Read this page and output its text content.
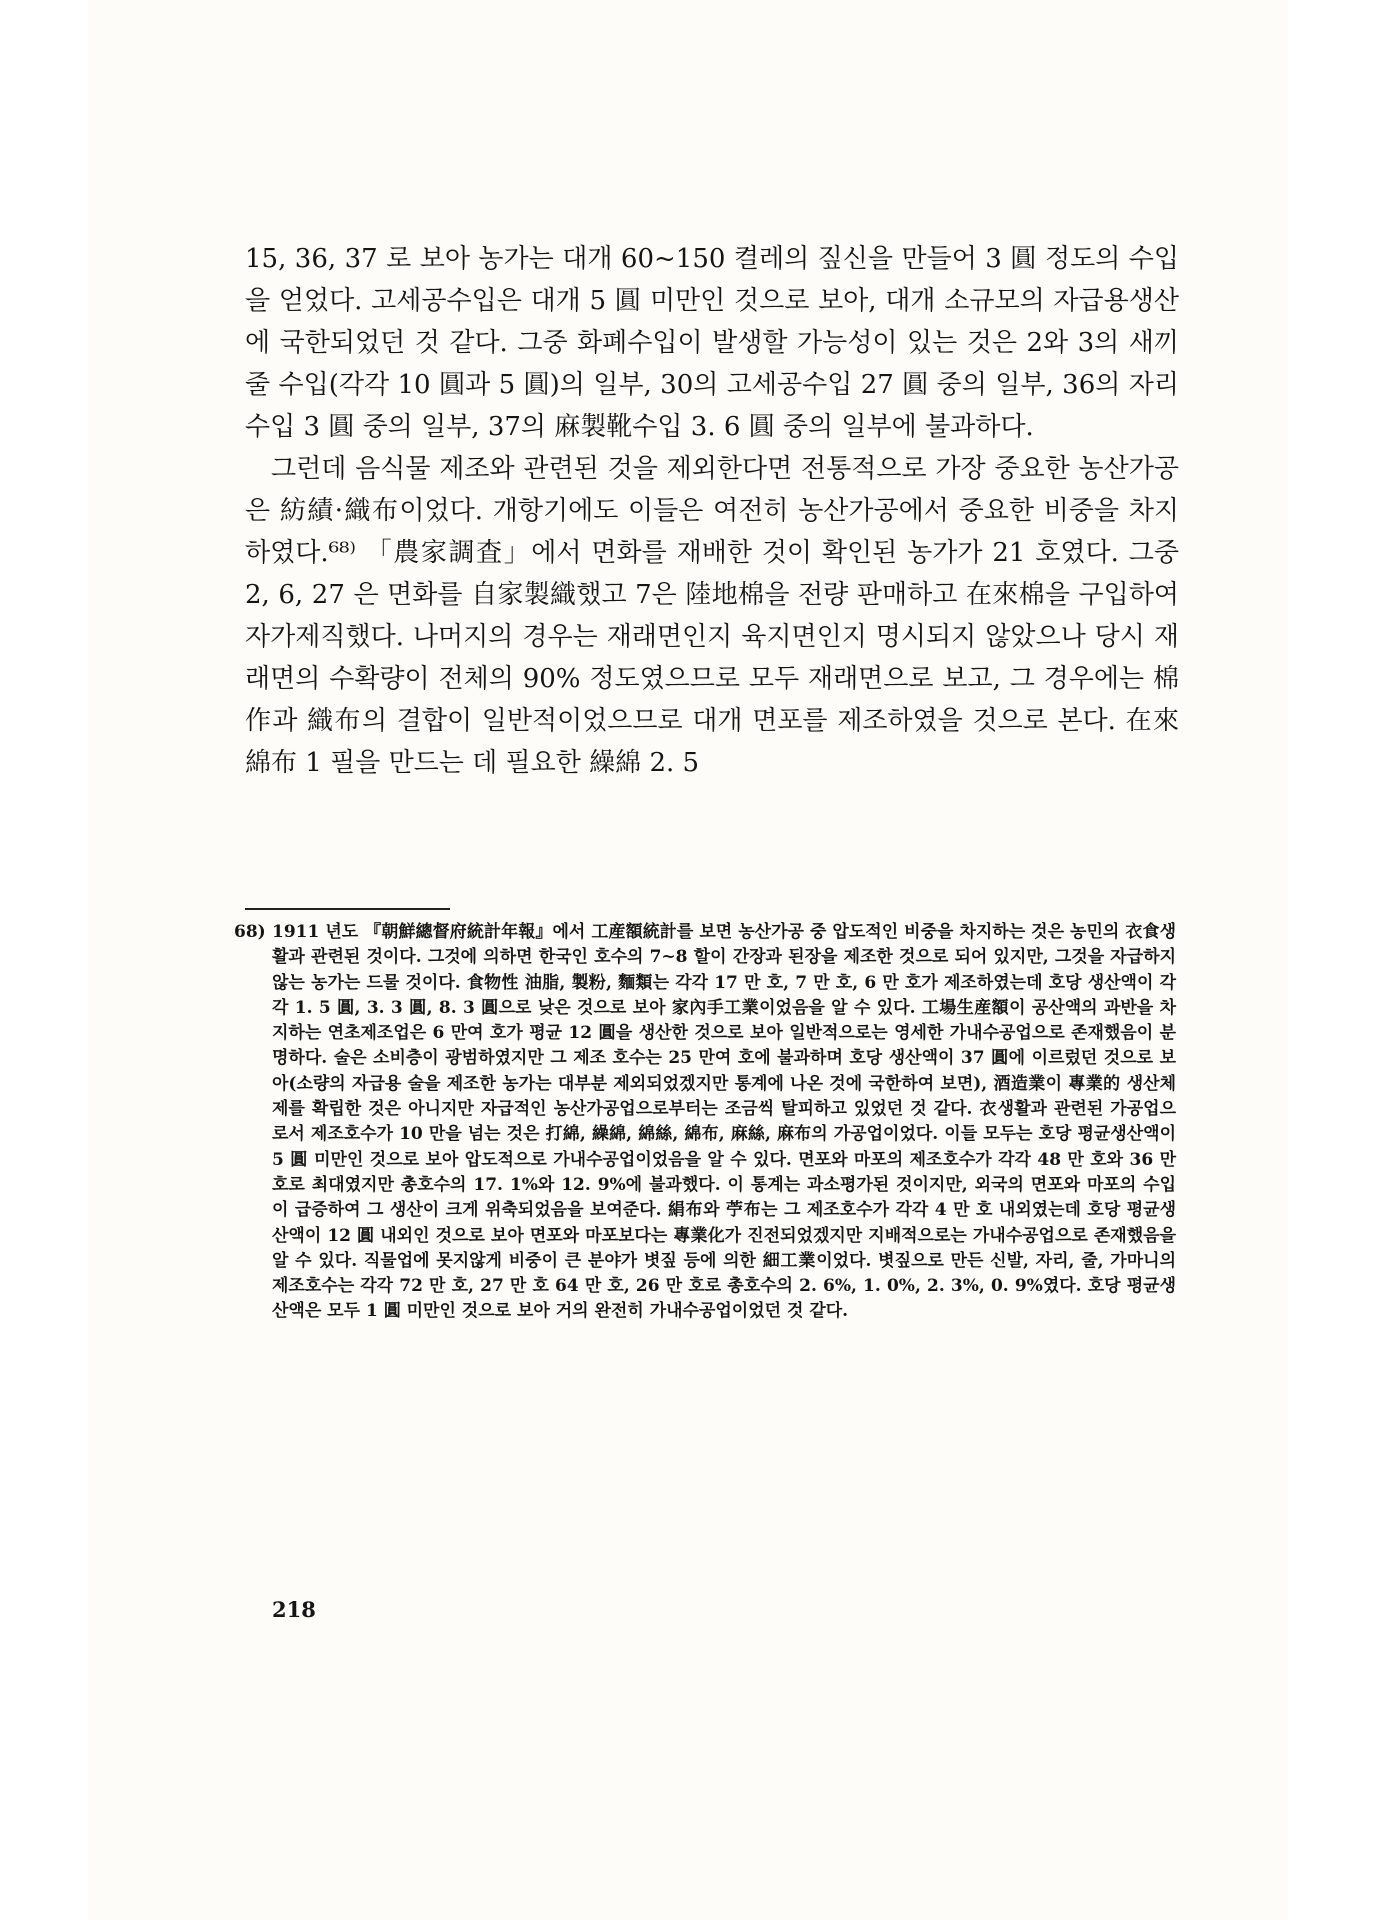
15, 36, 37 로 보아 농가는 대개 60~150 켤레의 짚신을 만들어 3 圓 정도의 수입을 얻었다. 고세공수입은 대개 5 圓 미만인 것으로 보아, 대개 소규모의 자급용생산에 국한되었던 것 같다. 그중 화폐수입이 발생할 가능성이 있는 것은 2와 3의 새끼줄 수입(각각 10 圓과 5 圓)의 일부, 30의 고세공수입 27 圓 중의 일부, 36의 자리수입 3 圓 중의 일부, 37의 麻製靴수입 3. 6 圓 중의 일부에 불과하다.

그런데 음식물 제조와 관련된 것을 제외한다면 전통적으로 가장 중요한 농산가공은 紡績·織布이었다. 개항기에도 이들은 여전히 농산가공에서 중요한 비중을 차지하였다.⁶⁸⁾ 「農家調査」에서 면화를 재배한 것이 확인된 농가가 21 호였다. 그중 2, 6, 27 은 면화를 自家製織했고 7은 陸地棉을 전량 판매하고 在來棉을 구입하여 자가제직했다. 나머지의 경우는 재래면인지 육지면인지 명시되지 않았으나 당시 재래면의 수확량이 전체의 90% 정도였으므로 모두 재래면으로 보고, 그 경우에는 棉作과 織布의 결합이 일반적이었으므로 대개 면포를 제조하였을 것으로 본다. 在來綿布 1 필을 만드는 데 필요한 繰綿 2. 5

68) 1911 년도 『朝鮮總督府統計年報』에서 工産額統計를 보면 농산가공 중 압도적인 비중을 차지하는 것은 농민의 衣食생활과 관련된 것이다. 그것에 의하면 한국인 호수의 7~8 할이 간장과 된장을 제조한 것으로 되어 있지만, 그것을 자급하지 않는 농가는 드물 것이다. 食物性 油脂, 製粉, 麵類는 각각 17 만 호, 7 만 호, 6 만 호가 제조하였는데 호당 생산액이 각각 1. 5 圓, 3. 3 圓, 8. 3 圓으로 낮은 것으로 보아 家內手工業이었음을 알 수 있다. 工場生産額이 공산액의 과반을 차지하는 연초제조업은 6 만여 호가 평균 12 圓을 생산한 것으로 보아 일반적으로는 영세한 가내수공업으로 존재했음이 분명하다. 술은 소비층이 광범하였지만 그 제조 호수는 25 만여 호에 불과하며 호당 생산액이 37 圓에 이르렀던 것으로 보아(소량의 자급용 술을 제조한 농가는 대부분 제외되었겠지만 통계에 나온 것에 국한하여 보면), 酒造業이 專業的 생산체제를 확립한 것은 아니지만 자급적인 농산가공업으로부터는 조금씩 탈피하고 있었던 것 같다. 衣생활과 관련된 가공업으로서 제조호수가 10 만을 넘는 것은 打綿, 繰綿, 綿絲, 綿布, 麻絲, 麻布의 가공업이었다. 이들 모두는 호당 평균생산액이 5 圓 미만인 것으로 보아 압도적으로 가내수공업이었음을 알 수 있다. 면포와 마포의 제조호수가 각각 48 만 호와 36 만 호로 최대였지만 총호수의 17. 1%와 12. 9%에 불과했다. 이 통계는 과소평가된 것이지만, 외국의 면포와 마포의 수입이 급증하여 그 생산이 크게 위축되었음을 보여준다. 絹布와 苧布는 그 제조호수가 각각 4 만 호 내외였는데 호당 평균생산액이 12 圓 내외인 것으로 보아 면포와 마포보다는 專業化가 진전되었겠지만 지배적으로는 가내수공업으로 존재했음을 알 수 있다. 직물업에 못지않게 비중이 큰 분야가 볏짚 등에 의한 細工業이었다. 볏짚으로 만든 신발, 자리, 줄, 가마니의 제조호수는 각각 72 만 호, 27 만 호 64 만 호, 26 만 호로 총호수의 2. 6%, 1. 0%, 2. 3%, 0. 9%였다. 호당 평균생산액은 모두 1 圓 미만인 것으로 보아 거의 완전히 가내수공업이었던 것 같다.
218
